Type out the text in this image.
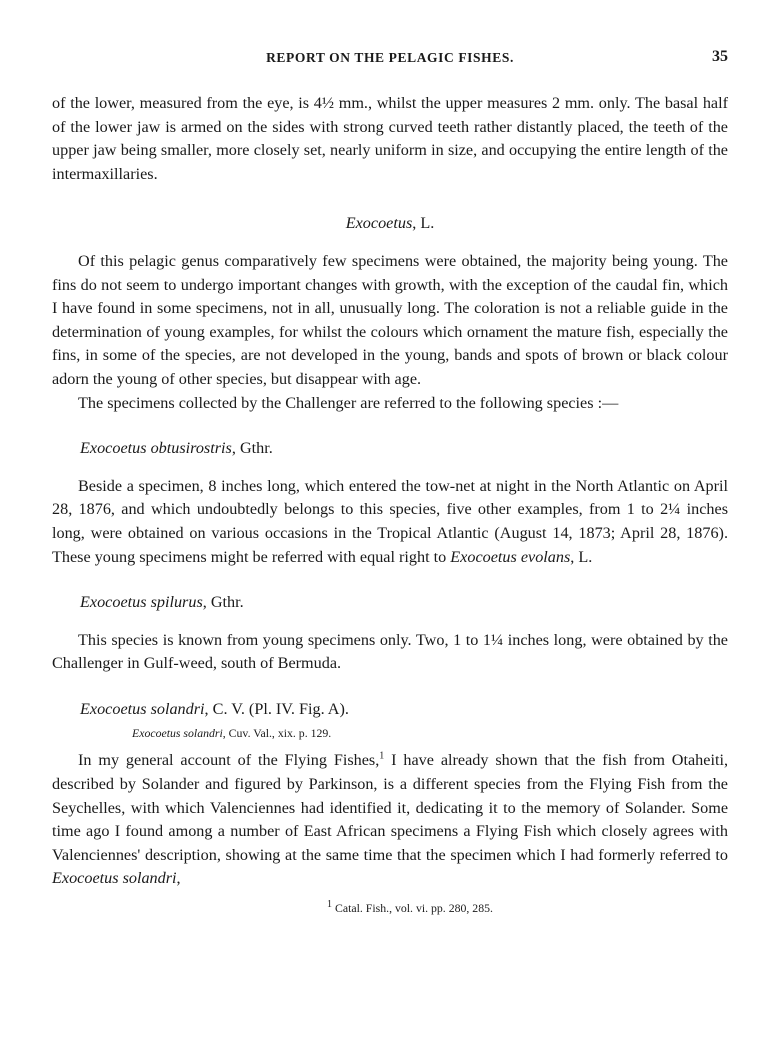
REPORT ON THE PELAGIC FISHES.	35

of the lower, measured from the eye, is 4½ mm., whilst the upper measures 2 mm. only. The basal half of the lower jaw is armed on the sides with strong curved teeth rather distantly placed, the teeth of the upper jaw being smaller, more closely set, nearly uniform in size, and occupying the entire length of the intermaxillaries.

Exocoetus, L.

Of this pelagic genus comparatively few specimens were obtained, the majority being young. The fins do not seem to undergo important changes with growth, with the exception of the caudal fin, which I have found in some specimens, not in all, unusually long. The coloration is not a reliable guide in the determination of young examples, for whilst the colours which ornament the mature fish, especially the fins, in some of the species, are not developed in the young, bands and spots of brown or black colour adorn the young of other species, but disappear with age.

The specimens collected by the Challenger are referred to the following species :—

Exocoetus obtusirostris, Gthr.

Beside a specimen, 8 inches long, which entered the tow-net at night in the North Atlantic on April 28, 1876, and which undoubtedly belongs to this species, five other examples, from 1 to 2¼ inches long, were obtained on various occasions in the Tropical Atlantic (August 14, 1873; April 28, 1876). These young specimens might be referred with equal right to Exocoetus evolans, L.

Exocoetus spilurus, Gthr.

This species is known from young specimens only. Two, 1 to 1¼ inches long, were obtained by the Challenger in Gulf-weed, south of Bermuda.

Exocoetus solandri, C. V. (Pl. IV. Fig. A).

Exocoetus solandri, Cuv. Val., xix. p. 129.

In my general account of the Flying Fishes,$^1$ I have already shown that the fish from Otaheiti, described by Solander and figured by Parkinson, is a different species from the Flying Fish from the Seychelles, with which Valenciennes had identified it, dedicating it to the memory of Solander. Some time ago I found among a number of East African specimens a Flying Fish which closely agrees with Valenciennes' description, showing at the same time that the specimen which I had formerly referred to Exocoetus solandri,

$^1$ Catal. Fish., vol. vi. pp. 280, 285.
